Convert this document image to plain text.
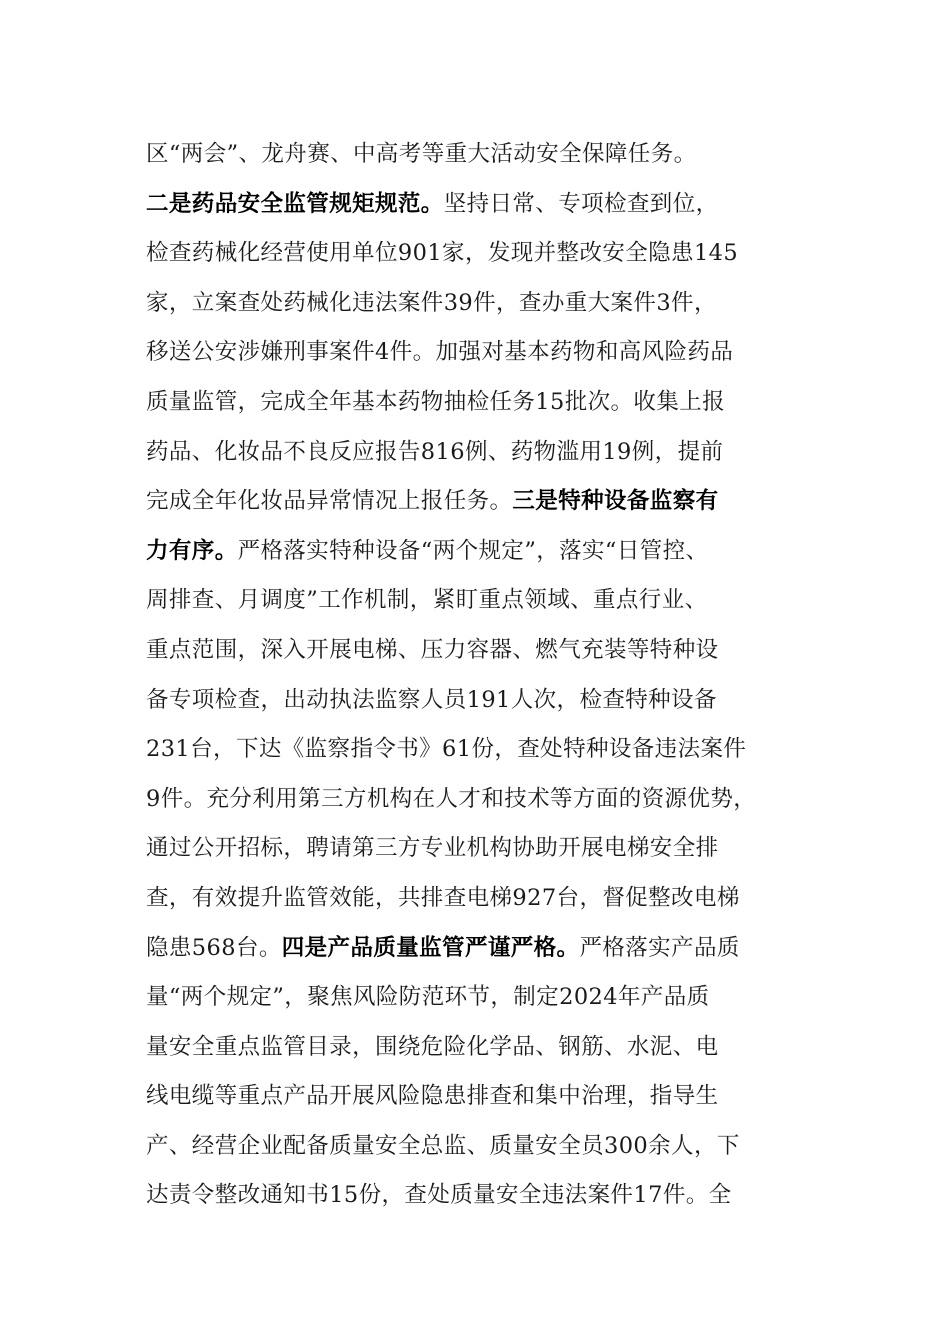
区“两会”、龙舟赛、中高考等重大活动安全保障任务。
二是药品安全监管规矩规范。坚持日常、专项检查到位，
检查药械化经营使用单位901家，发现并整改安全隐患145
家，立案查处药械化违法案件39件，查办重大案件3件，
移送公安涉嫌刑事案件4件。加强对基本药物和高风险药品
质量监管，完成全年基本药物抽检任务15批次。收集上报
药品、化妆品不良反应报告816例、药物滥用19例，提前
完成全年化妆品异常情况上报任务。三是特种设备监察有
力有序。严格落实特种设备“两个规定”，落实“日管控、
周排查、月调度”工作机制，紧盯重点领域、重点行业、
重点范围，深入开展电梯、压力容器、燃气充装等特种设
备专项检查，出动执法监察人员191人次，检查特种设备
231台，下达《监察指令书》61份，查处特种设备违法案件
9件。充分利用第三方机构在人才和技术等方面的资源优势，
通过公开招标，聘请第三方专业机构协助开展电梯安全排
查，有效提升监管效能，共排查电梯927台，督促整改电梯
隐患568台。四是产品质量监管严谨严格。严格落实产品质
量“两个规定”，聚焦风险防范环节，制定2024年产品质
量安全重点监管目录，围绕危险化学品、钢筋、水泥、电
线电缆等重点产品开展风险隐患排查和集中治理，指导生
产、经营企业配备质量安全总监、质量安全员300余人，下
达责令整改通知书15份，查处质量安全违法案件17件。全
